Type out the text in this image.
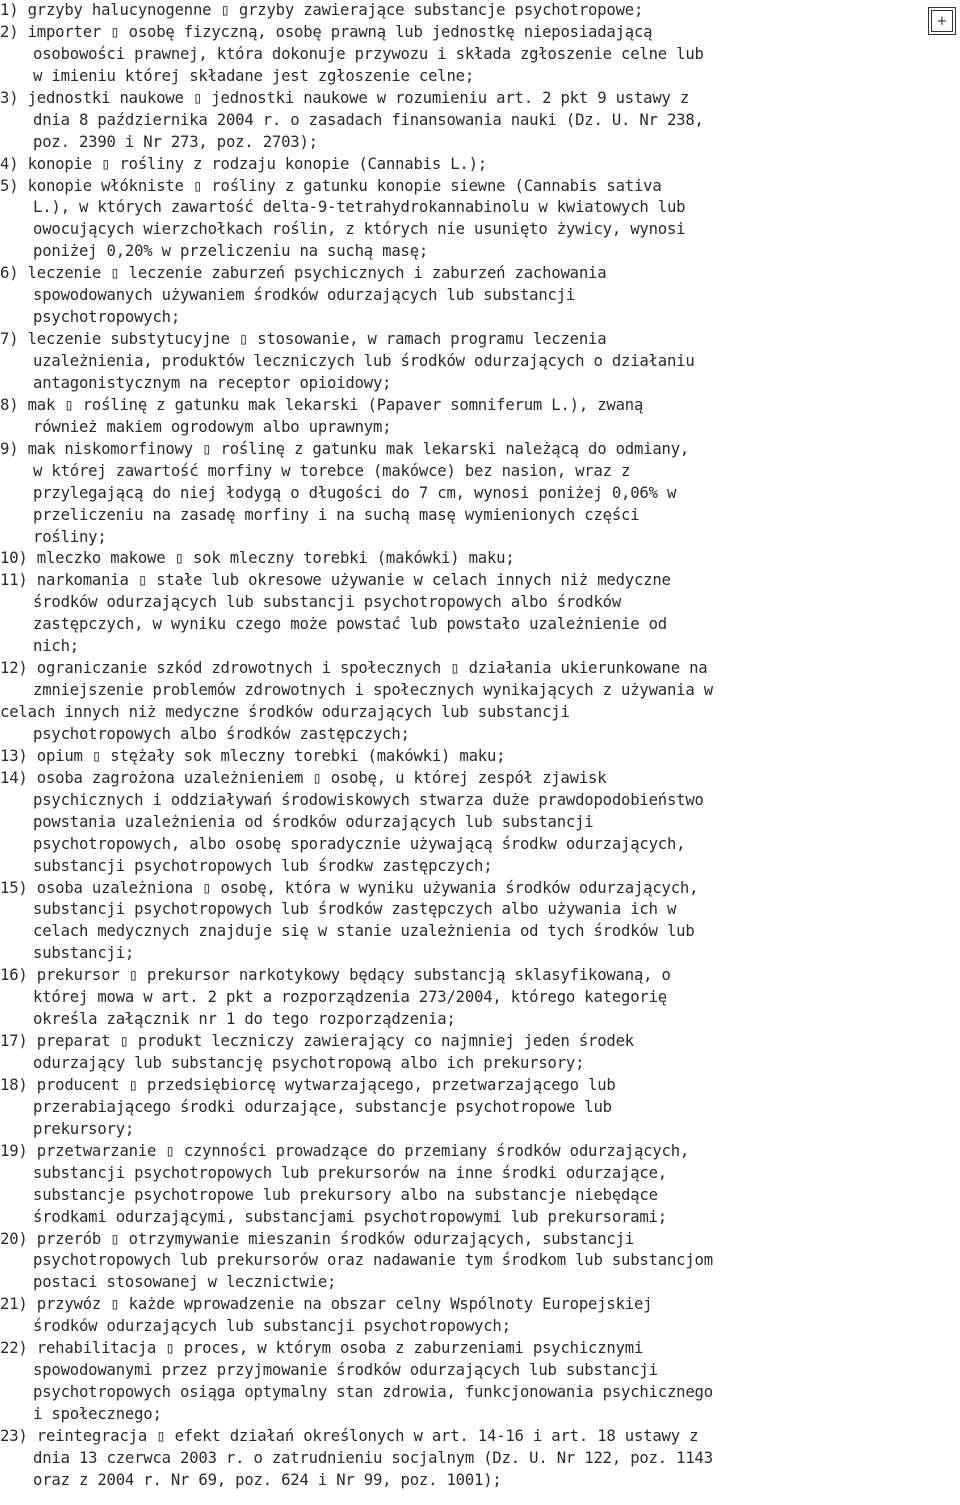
1) grzyby halucynogenne ▯ grzyby zawierające substancje psychotropowe;
2) importer ▯ osobę fizyczną, osobę prawną lub jednostkę nieposiadającą
osobowości prawnej, która dokonuje przywozu i składa zgłoszenie celne lub
w imieniu której składane jest zgłoszenie celne;
3) jednostki naukowe ▯ jednostki naukowe w rozumieniu art. 2 pkt 9 ustawy z
dnia 8 października 2004 r. o zasadach finansowania nauki (Dz. U. Nr 238,
poz. 2390 i Nr 273, poz. 2703);
4) konopie ▯ rośliny z rodzaju konopie (Cannabis L.);
5) konopie włókniste ▯ rośliny z gatunku konopie siewne (Cannabis sativa
L.), w których zawartość delta-9-tetrahydrokannabinolu w kwiatowych lub
owocujących wierzchołkach roślin, z których nie usunięto żywicy, wynosi
poniżej 0,20% w przeliczeniu na suchą masę;
6) leczenie ▯ leczenie zaburzeń psychicznych i zaburzeń zachowania
spowodowanych używaniem środków odurzających lub substancji
psychotropowych;
7) leczenie substytucyjne ▯ stosowanie, w ramach programu leczenia
uzależnienia, produktów leczniczych lub środków odurzających o działaniu
antagonistycznym na receptor opioidowy;
8) mak ▯ roślinę z gatunku mak lekarski (Papaver somniferum L.), zwaną
również makiem ogrodowym albo uprawnym;
9) mak niskomorfinowy ▯ roślinę z gatunku mak lekarski należącą do odmiany,
w której zawartość morfiny w torebce (makówce) bez nasion, wraz z
przylegającą do niej łodygą o długości do 7 cm, wynosi poniżej 0,06% w
przeliczeniu na zasadę morfiny i na suchą masę wymienionych części
rośliny;
10) mleczko makowe ▯ sok mleczny torebki (makówki) maku;
11) narkomania ▯ stałe lub okresowe używanie w celach innych niż medyczne
środków odurzających lub substancji psychotropowych albo środków
zastępczych, w wyniku czego może powstać lub powstało uzależnienie od
nich;
12) ograniczanie szkód zdrowotnych i społecznych ▯ działania ukierunkowane na
zmniejszenie problemów zdrowotnych i społecznych wynikających z używania w
celach innych niż medyczne środków odurzających lub substancji
psychotropowych albo środków zastępczych;
13) opium ▯ stężały sok mleczny torebki (makówki) maku;
14) osoba zagrożona uzależnieniem ▯ osobę, u której zespół zjawisk
psychicznych i oddziaływań środowiskowych stwarza duże prawdopodobieństwo
powstania uzależnienia od środków odurzających lub substancji
psychotropowych, albo osobę sporadycznie używającą środkw odurzających,
substancji psychotropowych lub środkw zastępczych;
15) osoba uzależniona ▯ osobę, która w wyniku używania środków odurzających,
substancji psychotropowych lub środków zastępczych albo używania ich w
celach medycznych znajduje się w stanie uzależnienia od tych środków lub
substancji;
16) prekursor ▯ prekursor narkotykowy będący substancją sklasyfikowaną, o
której mowa w art. 2 pkt a rozporządzenia 273/2004, którego kategorię
określa załącznik nr 1 do tego rozporządzenia;
17) preparat ▯ produkt leczniczy zawierający co najmniej jeden środek
odurzający lub substancję psychotropową albo ich prekursory;
18) producent ▯ przedsiębiorcę wytwarzającego, przetwarzającego lub
przerabiającego środki odurzające, substancje psychotropowe lub
prekursory;
19) przetwarzanie ▯ czynności prowadzące do przemiany środków odurzających,
substancji psychotropowych lub prekursorów na inne środki odurzające,
substancje psychotropowe lub prekursory albo na substancje niebędące
środkami odurzającymi, substancjami psychotropowymi lub prekursorami;
20) przerób ▯ otrzymywanie mieszanin środków odurzających, substancji
psychotropowych lub prekursorów oraz nadawanie tym środkom lub substancjom
postaci stosowanej w lecznictwie;
21) przywóz ▯ każde wprowadzenie na obszar celny Wspólnoty Europejskiej
środków odurzających lub substancji psychotropowych;
22) rehabilitacja ▯ proces, w którym osoba z zaburzeniami psychicznymi
spowodowanymi przez przyjmowanie środków odurzających lub substancji
psychotropowych osiąga optymalny stan zdrowia, funkcjonowania psychicznego
i społecznego;
23) reintegracja ▯ efekt działań określonych w art. 14-16 i art. 18 ustawy z
dnia 13 czerwca 2003 r. o zatrudnieniu socjalnym (Dz. U. Nr 122, poz. 1143
oraz z 2004 r. Nr 69, poz. 624 i Nr 99, poz. 1001);
+
